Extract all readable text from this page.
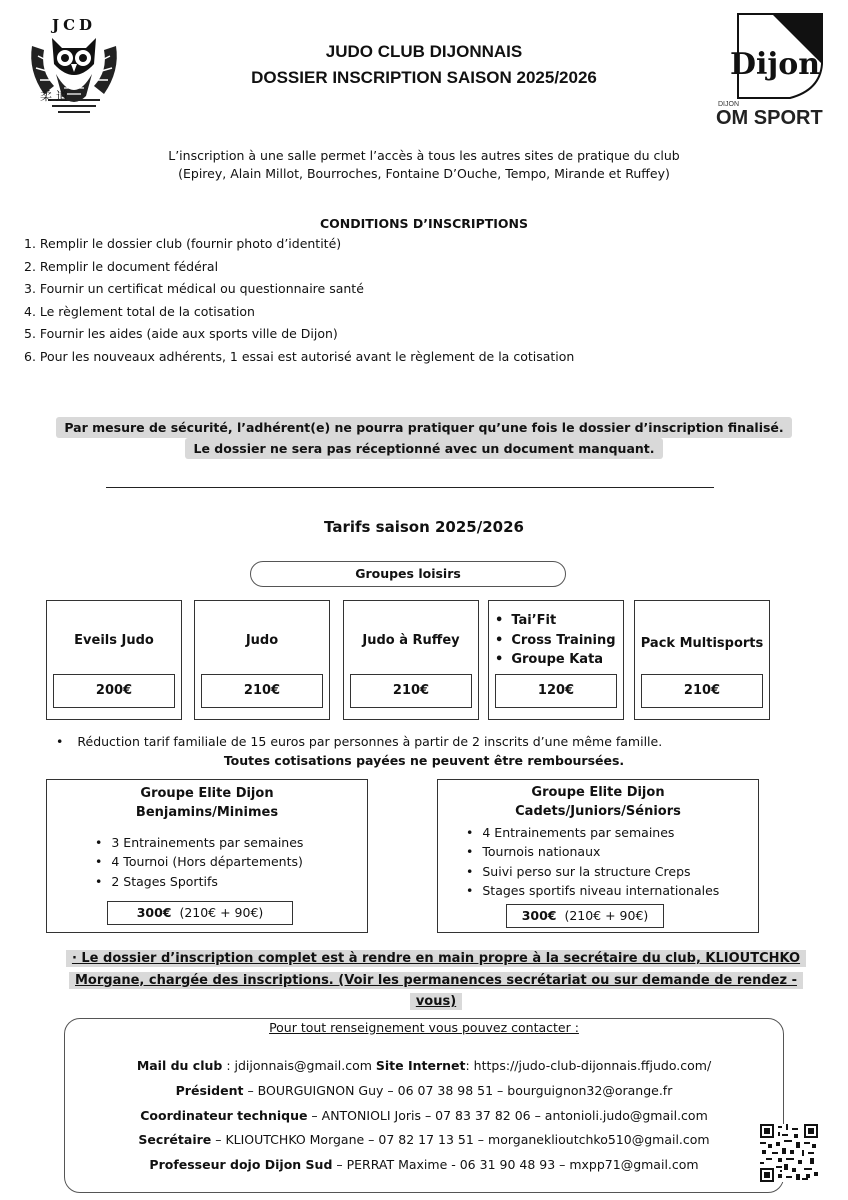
JCD
柔 道
Dijon
DIJON
OM SPORT
JUDO CLUB DIJONNAIS
DOSSIER INSCRIPTION SAISON 2025/2026
L’inscription à une salle permet l’accès à tous les autres sites de pratique du club
(Epirey, Alain Millot, Bourroches, Fontaine D’Ouche, Tempo, Mirande et Ruffey)
CONDITIONS D’INSCRIPTIONS
1. Remplir le dossier club (fournir photo d’identité)
2. Remplir le document fédéral
3. Fournir un certificat médical ou questionnaire santé
4. Le règlement total de la cotisation
5. Fournir les aides (aide aux sports ville de Dijon)
6. Pour les nouveaux adhérents, 1 essai est autorisé avant le règlement de la cotisation
Par mesure de sécurité, l’adhérent(e) ne pourra pratiquer qu’une fois le dossier d’inscription finalisé.
Le dossier ne sera pas réceptionné avec un document manquant.
Tarifs saison 2025/2026
Groupes loisirs
Eveils Judo
200€
Judo
210€
Judo à Ruffey
210€
• Tai’Fit
• Cross Training
• Groupe Kata
120€
Pack Multisports
210€
• Réduction tarif familiale de 15 euros par personnes à partir de 2 inscrits d’une même famille.
Toutes cotisations payées ne peuvent être remboursées.
Groupe Elite Dijon
Benjamins/Minimes
• 3 Entrainements par semaines
• 4 Tournoi (Hors départements)
• 2 Stages Sportifs
300€ (210€ + 90€)
Groupe Elite Dijon
Cadets/Juniors/Séniors
• 4 Entrainements par semaines
• Tournois nationaux
• Suivi perso sur la structure Creps
• Stages sportifs niveau internationales
300€ (210€ + 90€)
· Le dossier d’inscription complet est à rendre en main propre à la secrétaire du club, KLIOUTCHKO
Morgane, chargée des inscriptions. (Voir les permanences secrétariat ou sur demande de rendez -
vous)
Pour tout renseignement vous pouvez contacter :
Mail du club : jdijonnais@gmail.com Site Internet: https://judo-club-dijonnais.ffjudo.com/
Président – BOURGUIGNON Guy – 06 07 38 98 51 – bourguignon32@orange.fr
Coordinateur technique – ANTONIOLI Joris – 07 83 37 82 06 – antonioli.judo@gmail.com
Secrétaire – KLIOUTCHKO Morgane – 07 82 17 13 51 – morganeklioutchko510@gmail.com
Professeur dojo Dijon Sud – PERRAT Maxime - 06 31 90 48 93 – mxpp71@gmail.com
